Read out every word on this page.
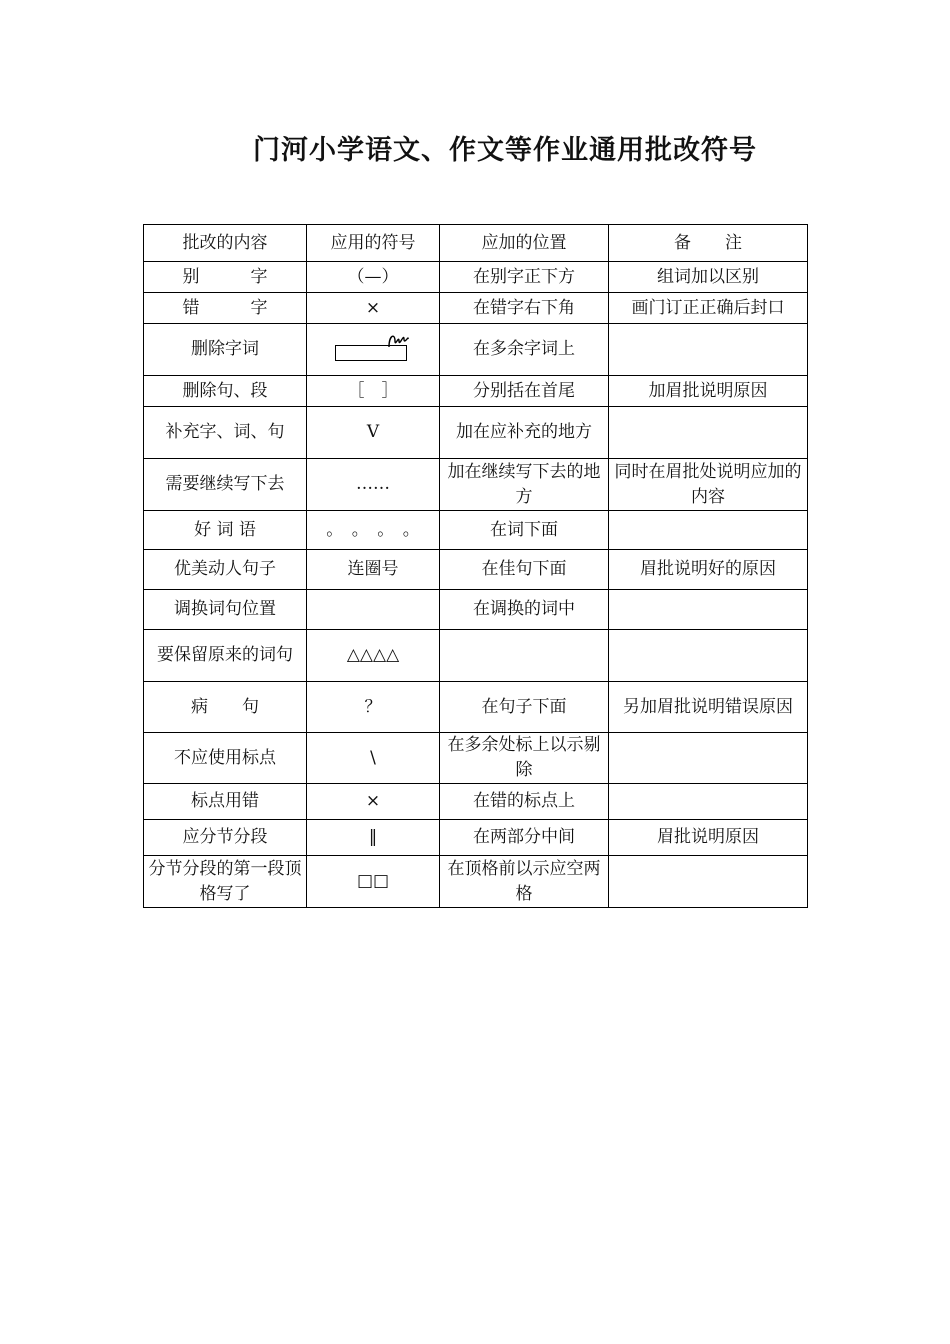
门河小学语文、作文等作业通用批改符号
批改的内容	应用的符号	应加的位置	备　　注
别　　　字	（—）	在别字正下方	组词加以区别
错　　　字	×	在错字右下角	画门订正正确后封口
删除字词		在多余字词上	
删除句、段	［　］	分别括在首尾	加眉批说明原因
补充字、词、句	V	加在应补充的地方	
需要继续写下去	……	加在继续写下去的地方	同时在眉批处说明应加的内容
好 词 语	。　。　。　。	在词下面	
优美动人句子	连圈号	在佳句下面	眉批说明好的原因
调换词句位置		在调换的词中	
要保留原来的词句	△△△△		
病　　句	？	在句子下面	另加眉批说明错误原因
不应使用标点	\	在多余处标上以示剔除	
标点用错	×	在错的标点上	
应分节分段	‖	在两部分中间	眉批说明原因
分节分段的第一段顶格写了	□□	在顶格前以示应空两格	
